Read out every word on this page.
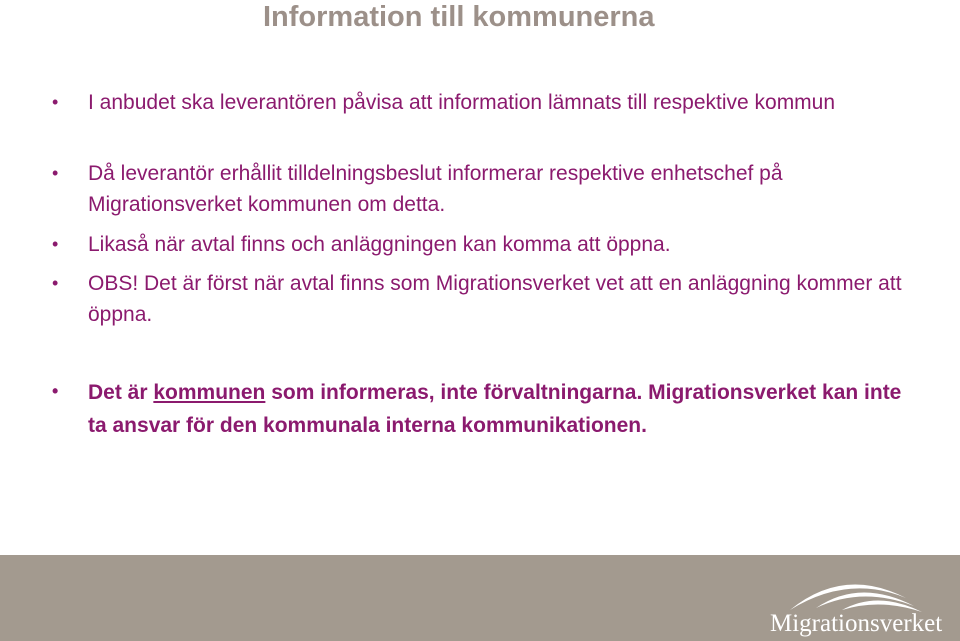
Information till kommunerna
•	I anbudet ska leverantören påvisa att information lämnats till respektive kommun
•	Då leverantör erhållit tilldelningsbeslut informerar respektive enhetschef på Migrationsverket kommunen om detta.
•	Likaså när avtal finns och anläggningen kan komma att öppna.
•	OBS! Det är först när avtal finns som Migrationsverket vet att en anläggning kommer att öppna.
•	Det är kommunen som informeras, inte förvaltningarna. Migrationsverket kan inte ta ansvar för den kommunala interna kommunikationen.
Migrationsverket
